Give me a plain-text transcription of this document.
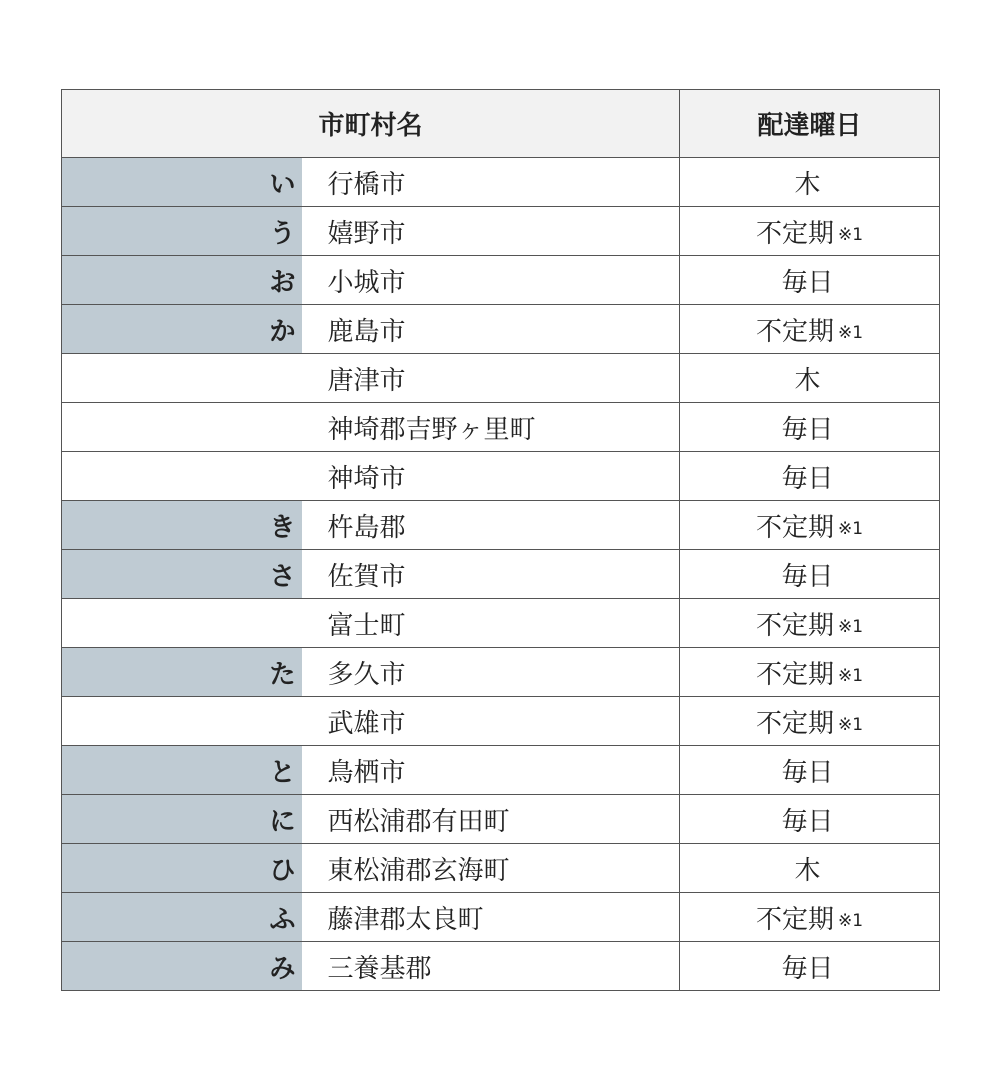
市町村名		配達曜日
い	行橋市	木
う	嬉野市	不定期 ※1
お	小城市	毎日
か	鹿島市	不定期 ※1
	唐津市	木
	神埼郡吉野ヶ里町	毎日
	神埼市	毎日
き	杵島郡	不定期 ※1
さ	佐賀市	毎日
	富士町	不定期 ※1
た	多久市	不定期 ※1
	武雄市	不定期 ※1
と	鳥栖市	毎日
に	西松浦郡有田町	毎日
ひ	東松浦郡玄海町	木
ふ	藤津郡太良町	不定期 ※1
み	三養基郡	毎日
